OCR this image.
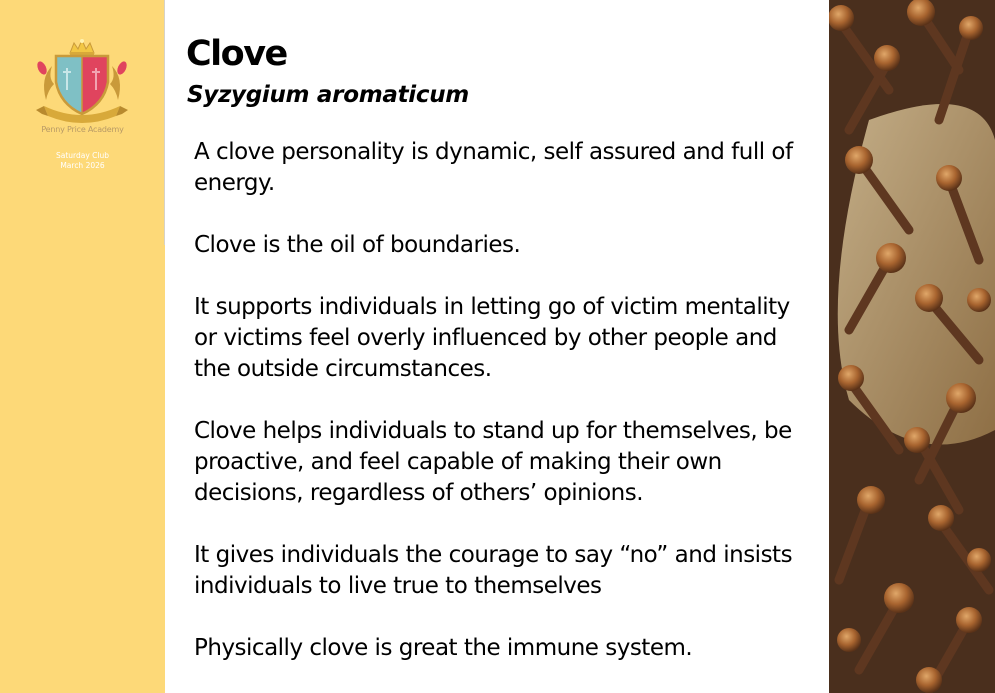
Penny Price Academy
Saturday Club
March 2026
Clove
Syzygium aromaticum

A clove personality is dynamic, self assured and full of energy.

Clove is the oil of boundaries.

It supports individuals in letting go of victim mentality or victims feel overly influenced by other people and the outside circumstances.

Clove helps individuals to stand up for themselves, be proactive, and feel capable of making their own decisions, regardless of others’ opinions.

It gives individuals the courage to say “no” and insists individuals to live true to themselves

Physically clove is great the immune system.
